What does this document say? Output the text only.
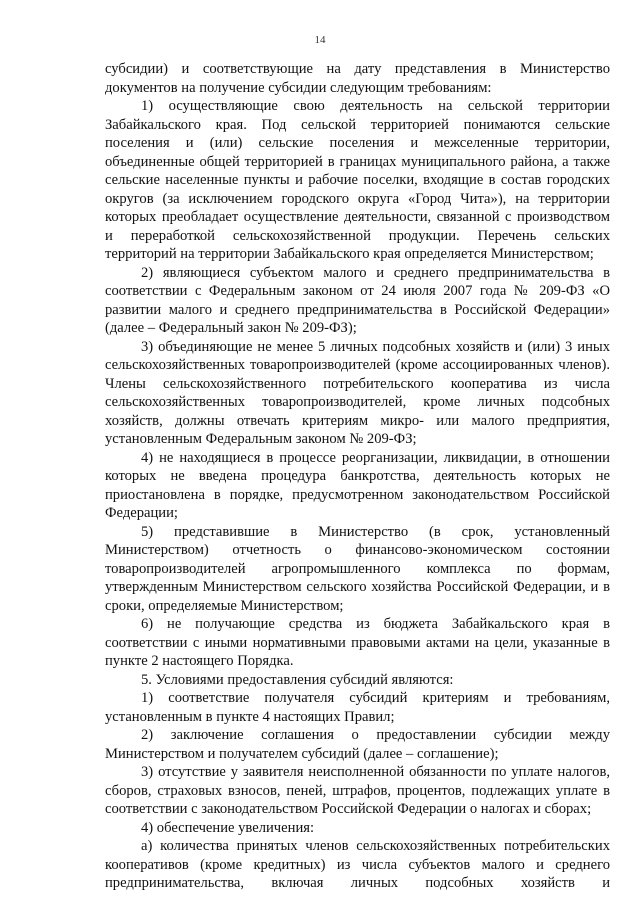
14

субсидии) и соответствующие на дату представления в Министерство документов на получение субсидии следующим требованиям:

1) осуществляющие свою деятельность на сельской территории Забайкальского края. Под сельской территорией понимаются сельские поселения и (или) сельские поселения и межселенные территории, объединенные общей территорией в границах муниципального района, а также сельские населенные пункты и рабочие поселки, входящие в состав городских округов (за исключением городского округа «Город Чита»), на территории которых преобладает осуществление деятельности, связанной с производством и переработкой сельскохозяйственной продукции. Перечень сельских территорий на территории Забайкальского края определяется Министерством;

2) являющиеся субъектом малого и среднего предпринимательства в соответствии с Федеральным законом от 24 июля 2007 года № 209-ФЗ «О развитии малого и среднего предпринимательства в Российской Федерации» (далее – Федеральный закон № 209-ФЗ);

3) объединяющие не менее 5 личных подсобных хозяйств и (или) 3 иных сельскохозяйственных товаропроизводителей (кроме ассоциированных членов). Члены сельскохозяйственного потребительского кооператива из числа сельскохозяйственных товаропроизводителей, кроме личных подсобных хозяйств, должны отвечать критериям микро- или малого предприятия, установленным Федеральным законом № 209-ФЗ;

4) не находящиеся в процессе реорганизации, ликвидации, в отношении которых не введена процедура банкротства, деятельность которых не приостановлена в порядке, предусмотренном законодательством Российской Федерации;

5) представившие в Министерство (в срок, установленный Министерством) отчетность о финансово-экономическом состоянии товаропроизводителей агропромышленного комплекса по формам, утвержденным Министерством сельского хозяйства Российской Федерации, и в сроки, определяемые Министерством;

6) не получающие средства из бюджета Забайкальского края в соответствии с иными нормативными правовыми актами на цели, указанные в пункте 2 настоящего Порядка.

5. Условиями предоставления субсидий являются:

1) соответствие получателя субсидий критериям и требованиям, установленным в пункте 4 настоящих Правил;

2) заключение соглашения о предоставлении субсидии между Министерством и получателем субсидий (далее – соглашение);

3) отсутствие у заявителя неисполненной обязанности по уплате налогов, сборов, страховых взносов, пеней, штрафов, процентов, подлежащих уплате в соответствии с законодательством Российской Федерации о налогах и сборах;

4) обеспечение увеличения:

а) количества принятых членов сельскохозяйственных потребительских кооперативов (кроме кредитных) из числа субъектов малого и среднего предпринимательства, включая личных подсобных хозяйств и
